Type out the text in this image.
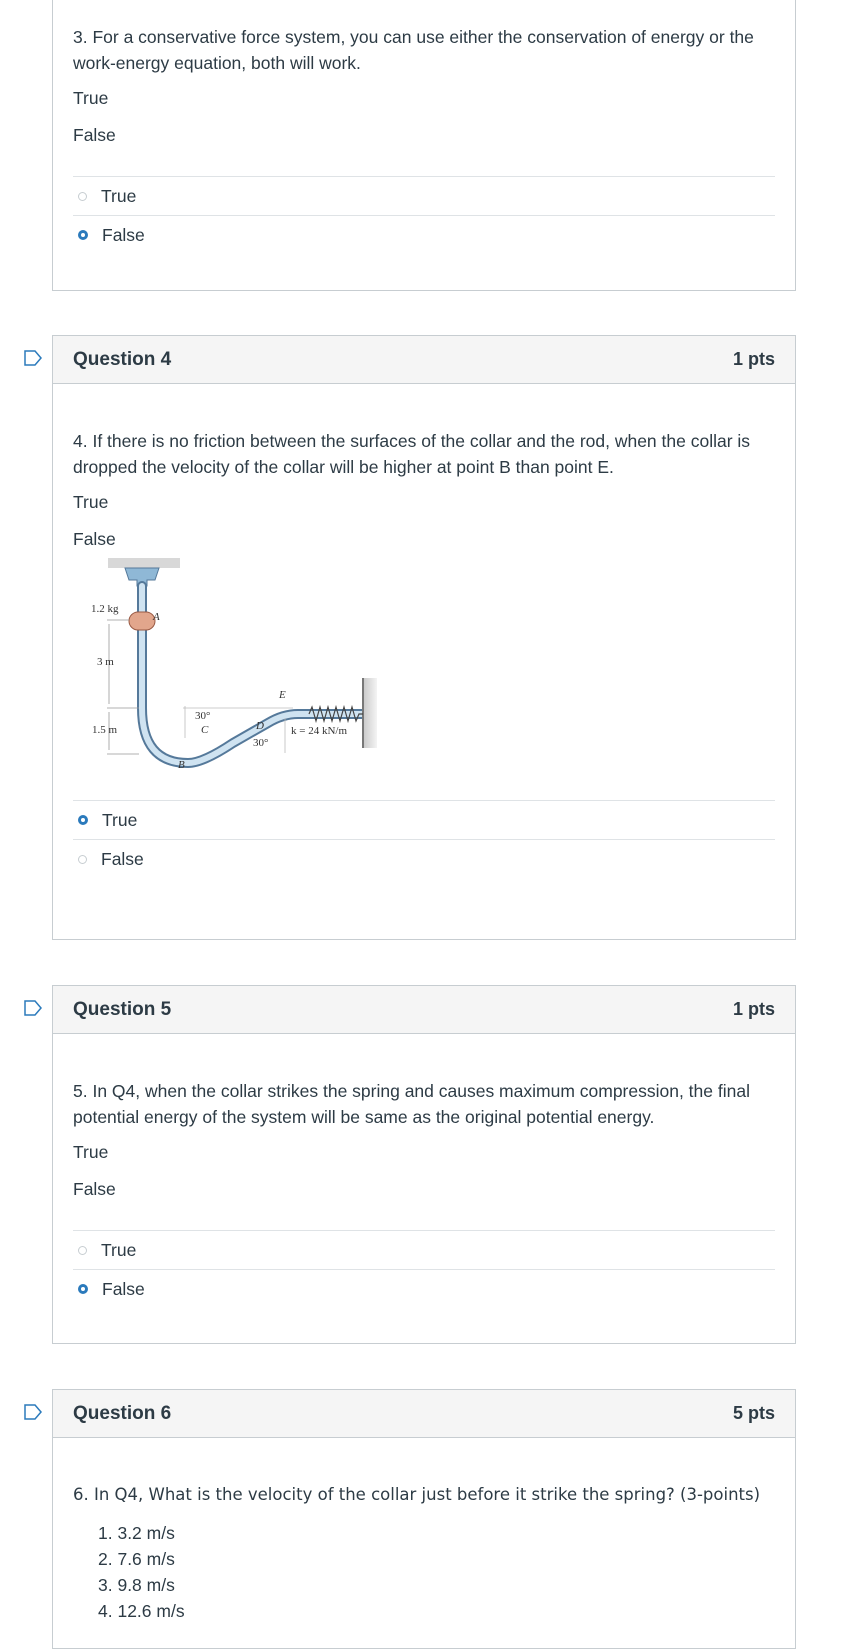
3. For a conservative force system, you can use either the conservation of energy or the work-energy equation, both will work.

True

False

True
False
Question 4	1 pts

4. If there is no friction between the surfaces of the collar and the rod, when the collar is dropped the velocity of the collar will be higher at point B than point E.

True

False

1.2 kg
A
3 m
1.5 m
30°
C
B
D
30°
E
k = 24 kN/m
True
False
Question 5	1 pts

5. In Q4, when the collar strikes the spring and causes maximum compression, the final potential energy of the system will be same as the original potential energy.

True

False

True
False
Question 6	5 pts

6. In Q4, What is the velocity of the collar just before it strike the spring? (3-points)

1. 3.2 m/s
2. 7.6 m/s
3. 9.8 m/s
4. 12.6 m/s
